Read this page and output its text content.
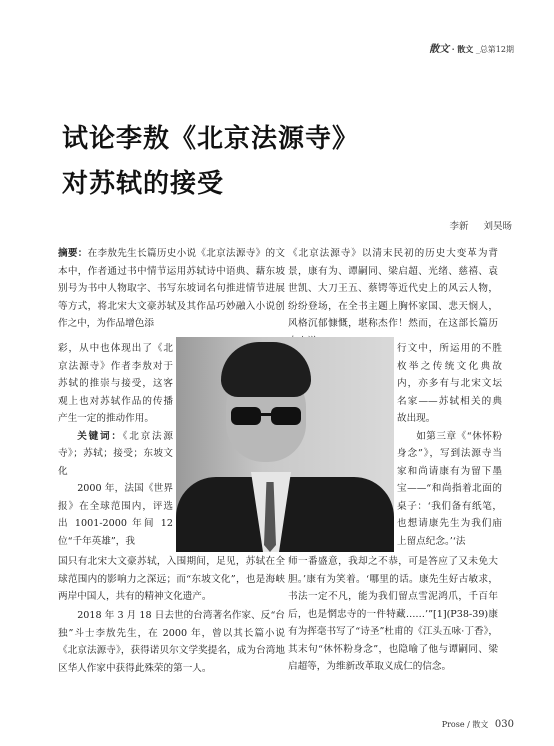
散文 · 散文 _总第12期
试论李敖《北京法源寺》
对苏轼的接受
李新 刘昊旸
摘要：在李敖先生长篇历史小说《北京法源寺》的文本中，作者通过书中情节运用苏轼诗中语典、藉东坡别号为书中人物取字、书写东坡词名句推进情节进展等方式，将北宋大文豪苏轼及其作品巧妙融入小说创作之中，为作品增色添
《北京法源寺》以清末民初的历史大变革为背景，康有为、谭嗣同、梁启超、光绪、慈禧、袁世凯、大刀王五、蔡锷等近代史上的风云人物，纷纷登场，在全书主题上胸怀家国、悲天悯人，风格沉郁慷慨，堪称杰作！然而，在这部长篇历
彩，从中也体现出了《北京法源寺》作者李敖对于苏轼的推崇与接受，这客观上也对苏轼作品的传播产生一定的推动作用。
关键词：《北京法源寺》；苏轼；接受；东坡文化
2000 年，法国《世界报》在全球范围内，评选出 1001-2000 年间 12 位“千年英雄”，我
行文中，所运用的不胜枚举之传统文化典故内，亦多有与北宋文坛名家——苏轼相关的典故出现。
如第三章《“休怀粉身念”》，写到法源寺当家和尚请康有为留下墨宝——“和尚指着北面的桌子：‘我们备有纸笔，也想请康先生为我们庙上留点纪念。’‘法
国只有北宋大文豪苏轼，入围期间，足见，苏轼在全球范围内的影响力之深远；而“东坡文化”，也是海峡两岸中国人，共有的精神文化遗产。
2018 年 3 月 18 日去世的台湾著名作家、反“台独”斗士李敖先生，在 2000 年，曾以其长篇小说《北京法源寺》，获得诺贝尔文学奖提名，成为台湾地区华人作家中获得此殊荣的第一人。
师一番盛意，我却之不恭，可是答应了又未免大胆。’康有为笑着。‘哪里的话。康先生好古敏求，书法一定不凡，能为我们留点雪泥鸿爪，千百年后，也是惘忠寺的一件特藏……’”[1](P38-39)康有为挥毫书写了“诗圣”杜甫的《江头五咏·丁香》，其末句“休怀粉身念”，也隐喻了他与谭嗣同、梁启超等，为维新改革取义成仁的信念。
Prose / 散文 030
